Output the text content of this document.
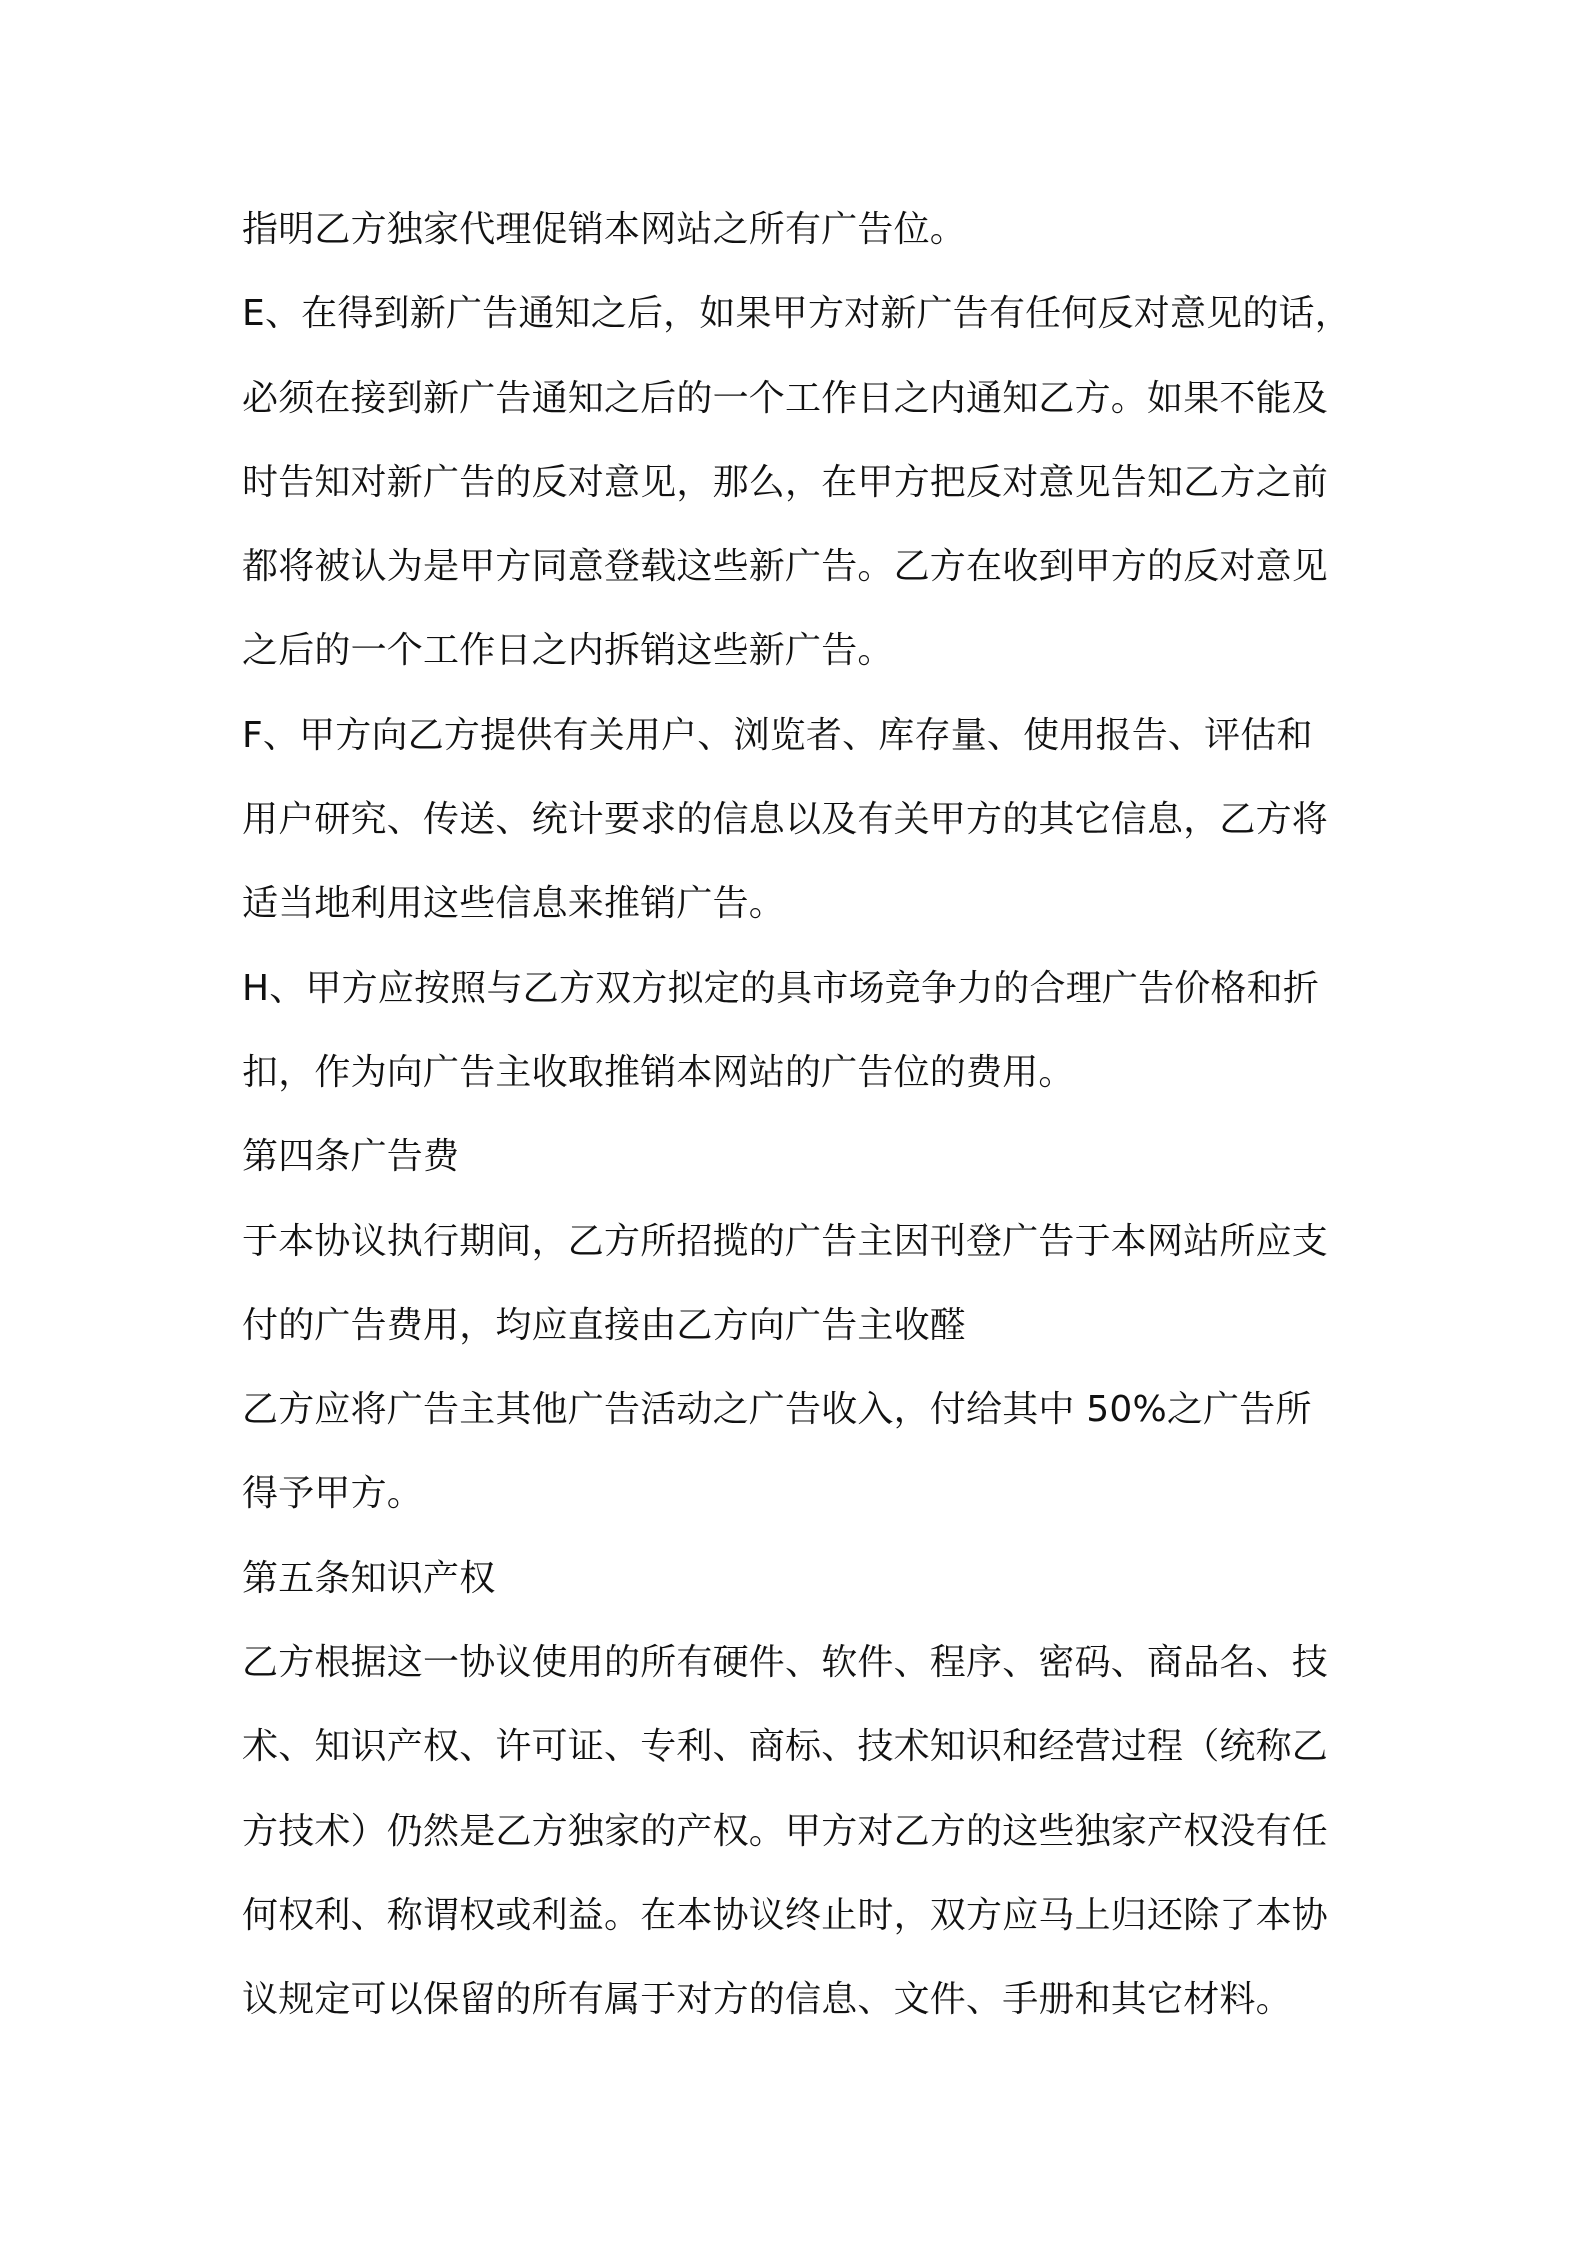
指明乙方独家代理促销本网站之所有广告位。
E、在得到新广告通知之后，如果甲方对新广告有任何反对意见的话，
必须在接到新广告通知之后的一个工作日之内通知乙方。如果不能及
时告知对新广告的反对意见，那么，在甲方把反对意见告知乙方之前
都将被认为是甲方同意登载这些新广告。乙方在收到甲方的反对意见
之后的一个工作日之内拆销这些新广告。
F、甲方向乙方提供有关用户、浏览者、库存量、使用报告、评估和
用户研究、传送、统计要求的信息以及有关甲方的其它信息，乙方将
适当地利用这些信息来推销广告。
H、甲方应按照与乙方双方拟定的具市场竞争力的合理广告价格和折
扣，作为向广告主收取推销本网站的广告位的费用。
第四条广告费
于本协议执行期间，乙方所招揽的广告主因刊登广告于本网站所应支
付的广告费用，均应直接由乙方向广告主收醛
乙方应将广告主其他广告活动之广告收入，付给其中 50%之广告所
得予甲方。
第五条知识产权
乙方根据这一协议使用的所有硬件、软件、程序、密码、商品名、技
术、知识产权、许可证、专利、商标、技术知识和经营过程（统称乙
方技术）仍然是乙方独家的产权。甲方对乙方的这些独家产权没有任
何权利、称谓权或利益。在本协议终止时，双方应马上归还除了本协
议规定可以保留的所有属于对方的信息、文件、手册和其它材料。
